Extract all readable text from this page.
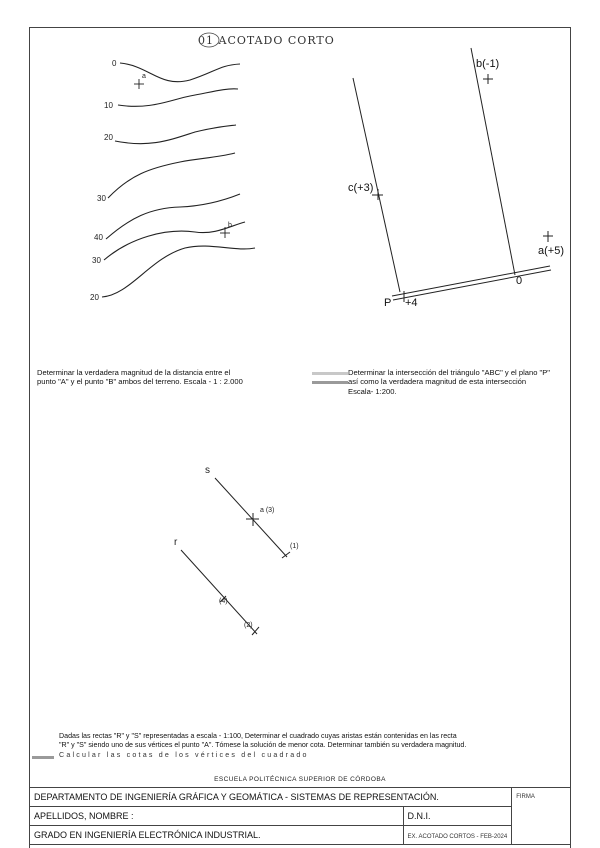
01 ACOTADO CORTO
0
10
20
30
40
30
20
a
b
b(-1)
c(+3)
a(+5)
P +4
0
s
r
a (3)
(1)
(4)
(2)
Determinar la verdadera magnitud de la distancia entre el
punto "A" y el punto "B" ambos del terreno. Escala - 1 : 2.000
Determinar la intersección del triángulo "ABC" y el plano "P"
así como la verdadera magnitud de esta intersección
Escala- 1:200.
Dadas las rectas "R" y "S" representadas a escala - 1:100, Determinar el cuadrado cuyas aristas están contenidas en las recta
"R" y "S" siendo uno de sus vértices el punto "A". Tómese la solución de menor cota. Determinar también su verdadera magnitud.
Calcular las cotas de los vértices del cuadrado
ESCUELA POLITÉCNICA SUPERIOR DE CÓRDOBA
DEPARTAMENTO DE INGENIERÍA GRÁFICA Y GEOMÁTICA - SISTEMAS DE REPRESENTACIÓN.		FIRMA
APELLIDOS, NOMBRE :	D.N.I.	
GRADO EN INGENIERÍA ELECTRÓNICA INDUSTRIAL.	EX. ACOTADO CORTOS - FEB-2024	
